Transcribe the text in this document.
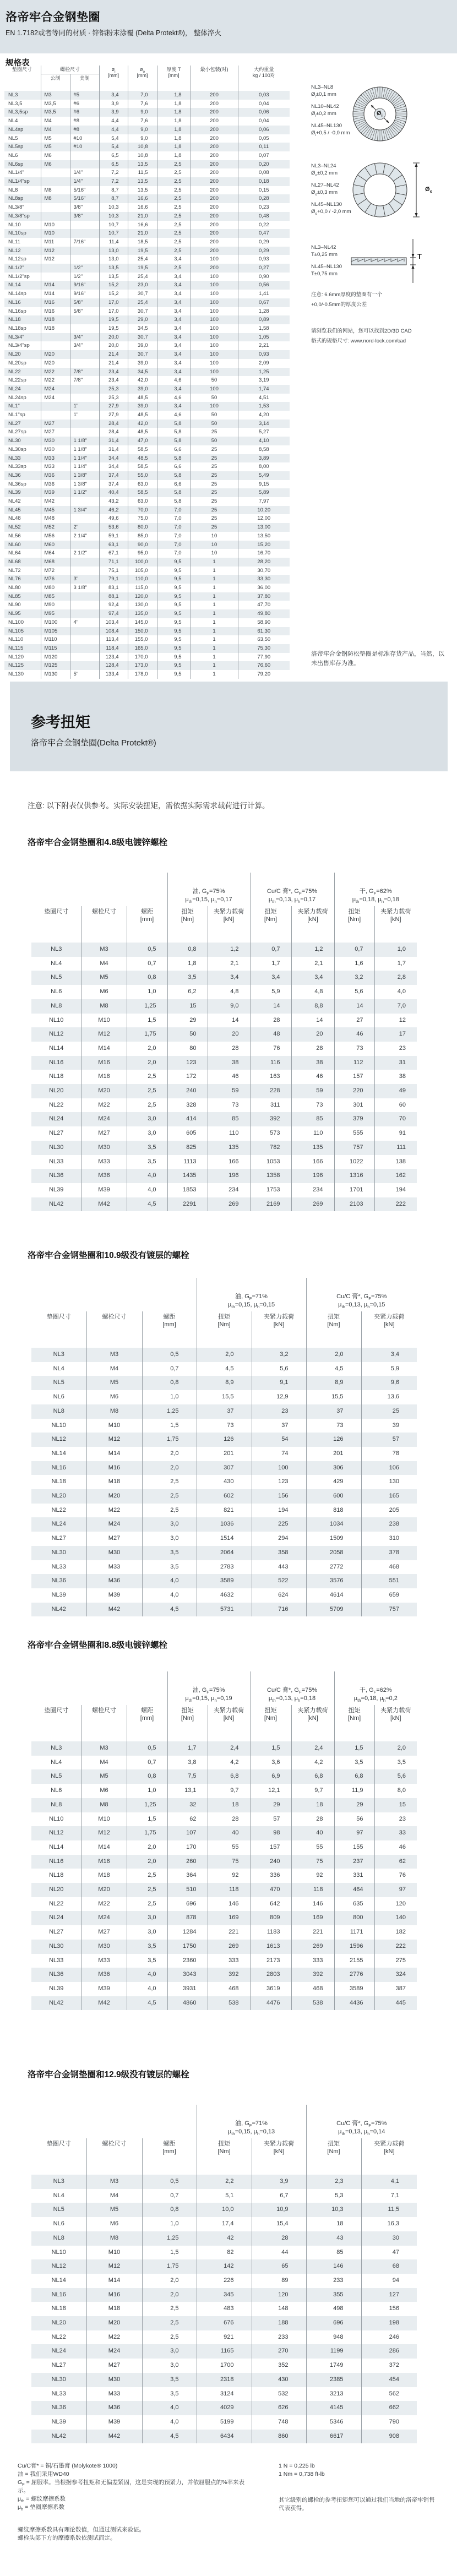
洛帝牢合金钢垫圈

EN 1.7182或者等同的材质 · 锌铝粉末涂覆 (Delta Protekt®)， 整体淬火

规格表
垫圈尺寸	螺栓尺寸		$ø_i$
[mm]	$ø_o$
[mm]	厚度 T
[mm]	最小包装(对)	大约重量
kg / 100对
	公制	美制					
NL3	M3	#5	3,4	7,0	1,8	200	0,03
NL3,5	M3,5	#6	3,9	7,6	1,8	200	0,04
NL3,5sp	M3,5	#6	3,9	9,0	1,8	200	0,06
NL4	M4	#8	4,4	7,6	1,8	200	0,04
NL4sp	M4	#8	4,4	9,0	1,8	200	0,06
NL5	M5	#10	5,4	9,0	1,8	200	0,05
NL5sp	M5	#10	5,4	10,8	1,8	200	0,11
NL6	M6		6,5	10,8	1,8	200	0,07
NL6sp	M6		6,5	13,5	2,5	200	0,20
NL1/4"		1/4"	7,2	11,5	2,5	200	0,08
NL1/4"sp		1/4"	7,2	13,5	2,5	200	0,18
NL8	M8	5/16"	8,7	13,5	2,5	200	0,15
NL8sp	M8	5/16"	8,7	16,6	2,5	200	0,28
NL3/8"		3/8"	10,3	16,6	2,5	200	0,23
NL3/8"sp		3/8"	10,3	21,0	2,5	200	0,48
NL10	M10		10,7	16,6	2,5	200	0,22
NL10sp	M10		10,7	21,0	2,5	200	0,47
NL11	M11	7/16"	11,4	18,5	2,5	200	0,29
NL12	M12		13,0	19,5	2,5	200	0,29
NL12sp	M12		13,0	25,4	3,4	100	0,93
NL1/2"		1/2"	13,5	19,5	2,5	200	0,27
NL1/2"sp		1/2"	13,5	25,4	3,4	100	0,90
NL14	M14	9/16"	15,2	23,0	3,4	100	0,56
NL14sp	M14	9/16"	15,2	30,7	3,4	100	1,41
NL16	M16	5/8"	17,0	25,4	3,4	100	0,67
NL16sp	M16	5/8"	17,0	30,7	3,4	100	1,28
NL18	M18		19,5	29,0	3,4	100	0,89
NL18sp	M18		19,5	34,5	3,4	100	1,58
NL3/4"		3/4"	20,0	30,7	3,4	100	1,05
NL3/4"sp		3/4"	20,0	39,0	3,4	100	2,21
NL20	M20		21,4	30,7	3,4	100	0,93
NL20sp	M20		21,4	39,0	3,4	100	2,09
NL22	M22	7/8"	23,4	34,5	3,4	100	1,25
NL22sp	M22	7/8"	23,4	42,0	4,6	50	3,19
NL24	M24		25,3	39,0	3,4	100	1,74
NL24sp	M24		25,3	48,5	4,6	50	4,51
NL1"		1"	27,9	39,0	3,4	100	1,53
NL1"sp		1"	27,9	48,5	4,6	50	4,20
NL27	M27		28,4	42,0	5,8	50	3,14
NL27sp	M27		28,4	48,5	5,8	25	5,27
NL30	M30	1 1/8"	31,4	47,0	5,8	50	4,10
NL30sp	M30	1 1/8"	31,4	58,5	6,6	25	8,58
NL33	M33	1 1/4"	34,4	48,5	5,8	25	3,89
NL33sp	M33	1 1/4"	34,4	58,5	6,6	25	8,00
NL36	M36	1 3/8"	37,4	55,0	5,8	25	5,49
NL36sp	M36	1 3/8"	37,4	63,0	6,6	25	9,15
NL39	M39	1 1/2"	40,4	58,5	5,8	25	5,89
NL42	M42		43,2	63,0	5,8	25	7,97
NL45	M45	1 3/4"	46,2	70,0	7,0	25	10,20
NL48	M48		49,6	75,0	7,0	25	12,00
NL52	M52	2"	53,6	80,0	7,0	25	13,00
NL56	M56	2 1/4"	59,1	85,0	7,0	10	13,50
NL60	M60		63,1	90,0	7,0	10	15,20
NL64	M64	2 1/2"	67,1	95,0	7,0	10	16,70
NL68	M68		71,1	100,0	9,5	1	28,20
NL72	M72		75,1	105,0	9,5	1	30,70
NL76	M76	3"	79,1	110,0	9,5	1	33,30
NL80	M80	3 1/8"	83,1	115,0	9,5	1	36,00
NL85	M85		88,1	120,0	9,5	1	37,80
NL90	M90		92,4	130,0	9,5	1	47,70
NL95	M95		97,4	135,0	9,5	1	49,80
NL100	M100	4"	103,4	145,0	9,5	1	58,90
NL105	M105		108,4	150,0	9,5	1	61,30
NL110	M110		113,4	155,0	9,5	1	63,50
NL115	M115		118,4	165,0	9,5	1	75,30
NL120	M120		123,4	170,0	9,5	1	77,90
NL125	M125		128,4	173,0	9,5	1	76,60
NL130	M130	5"	133,4	178,0	9,5	1	79,20
NL3–NL8
$Ø_i\pm 0,1$ mm
NL10–NL42
$Ø_i\pm 0,2$ mm
NL45–NL130
$Ø_i+0,5 / -0,0$ mm
$Ø_i$
NL3–NL24
$Ø_o\pm 0,2$ mm
NL27–NL42
$Ø_o\pm 0,3$ mm
NL45–NL130
$Ø_o+0,0 / -2,0$ mm
$Ø_o$
NL3–NL42
T±0,25 mm
NL45–NL130
T±0,75 mm
T
注意: 6.6mm厚度的垫圈有一个
+0,0/-0.5mm的厚度公差
请浏览我们的网站，您可以找到2D/3D CAD
格式的规格尺寸: www.nord-lock.com/cad
洛帝牢合金钢防松垫圈是标准存货产品，当然，以未出售库存为准。
参考扭矩

洛帝牢合金钢垫圈(Delta Protekt®)

注意: 以下附表仅供参考。实际安装扭矩，需依据实际需求载荷进行计算。
洛帝牢合金钢垫圈和4.8级电镀锌螺栓
			油, $G_F=75\%$
$\mu_{th}=0,15$, $\mu_h=0,17$		Cu/C 膏*, $G_F=75\%$
$\mu_{th}=0,13$, $\mu_h=0,17$		干, $G_F=62\%$
$\mu_{th}=0,18$, $\mu_h=0,18$	
垫圈尺寸	螺栓尺寸	螺距
[mm]	扭矩
[Nm]	夹紧力载荷
[kN]	扭矩
[Nm]	夹紧力载荷
[kN]	扭矩
[Nm]	夹紧力载荷
[kN]
NL3	M3	0,5	0,8	1,2	0,7	1,2	0,7	1,0
NL4	M4	0,7	1,8	2,1	1,7	2,1	1,6	1,7
NL5	M5	0,8	3,5	3,4	3,4	3,4	3,2	2,8
NL6	M6	1,0	6,2	4,8	5,9	4,8	5,6	4,0
NL8	M8	1,25	15	9,0	14	8,8	14	7,0
NL10	M10	1,5	29	14	28	14	27	12
NL12	M12	1,75	50	20	48	20	46	17
NL14	M14	2,0	80	28	76	28	73	23
NL16	M16	2,0	123	38	116	38	112	31
NL18	M18	2,5	172	46	163	46	157	38
NL20	M20	2,5	240	59	228	59	220	49
NL22	M22	2,5	328	73	311	73	301	60
NL24	M24	3,0	414	85	392	85	379	70
NL27	M27	3,0	605	110	573	110	555	91
NL30	M30	3,5	825	135	782	135	757	111
NL33	M33	3,5	1113	166	1053	166	1022	138
NL36	M36	4,0	1435	196	1358	196	1316	162
NL39	M39	4,0	1853	234	1753	234	1701	194
NL42	M42	4,5	2291	269	2169	269	2103	222
洛帝牢合金钢垫圈和10.9级没有镀层的螺栓
			油, $G_F=71\%$
$\mu_{th}=0,15$, $\mu_h=0,15$		Cu/C 膏*, $G_F=75\%$
$\mu_{th}=0,13$, $\mu_h=0,15$	
垫圈尺寸	螺栓尺寸	螺距
[mm]	扭矩
[Nm]	夹紧力载荷
[kN]	扭矩
[Nm]	夹紧力载荷
[kN]
NL3	M3	0,5	2,0	3,2	2,0	3,4
NL4	M4	0,7	4,5	5,6	4,5	5,9
NL5	M5	0,8	8,9	9,1	8,9	9,6
NL6	M6	1,0	15,5	12,9	15,5	13,6
NL8	M8	1,25	37	23	37	25
NL10	M10	1,5	73	37	73	39
NL12	M12	1,75	126	54	126	57
NL14	M14	2,0	201	74	201	78
NL16	M16	2,0	307	100	306	106
NL18	M18	2,5	430	123	429	130
NL20	M20	2,5	602	156	600	165
NL22	M22	2,5	821	194	818	205
NL24	M24	3,0	1036	225	1034	238
NL27	M27	3,0	1514	294	1509	310
NL30	M30	3,5	2064	358	2058	378
NL33	M33	3,5	2783	443	2772	468
NL36	M36	4,0	3589	522	3576	551
NL39	M39	4,0	4632	624	4614	659
NL42	M42	4,5	5731	716	5709	757
洛帝牢合金钢垫圈和8.8级电镀锌螺栓
			油, $G_F=75\%$
$\mu_{th}=0,15$, $\mu_h=0,19$		Cu/C 膏*, $G_F=75\%$
$\mu_{th}=0,13$, $\mu_h=0,18$		干, $G_F=62\%$
$\mu_{th}=0,18$, $\mu_h=0,2$	
垫圈尺寸	螺栓尺寸	螺距
[mm]	扭矩
[Nm]	夹紧力载荷
[kN]	扭矩
[Nm]	夹紧力载荷
[kN]	扭矩
[Nm]	夹紧力载荷
[kN]
NL3	M3	0,5	1,7	2,4	1,5	2,4	1,5	2,0
NL4	M4	0,7	3,8	4,2	3,6	4,2	3,5	3,5
NL5	M5	0,8	7,5	6,8	6,9	6,8	6,8	5,6
NL6	M6	1,0	13,1	9,7	12,1	9,7	11,9	8,0
NL8	M8	1,25	32	18	29	18	29	15
NL10	M10	1,5	62	28	57	28	56	23
NL12	M12	1,75	107	40	98	40	97	33
NL14	M14	2,0	170	55	157	55	155	46
NL16	M16	2,0	260	75	240	75	237	62
NL18	M18	2,5	364	92	336	92	331	76
NL20	M20	2,5	510	118	470	118	464	97
NL22	M22	2,5	696	146	642	146	635	120
NL24	M24	3,0	878	169	809	169	800	140
NL27	M27	3,0	1284	221	1183	221	1171	182
NL30	M30	3,5	1750	269	1613	269	1596	222
NL33	M33	3,5	2360	333	2173	333	2155	275
NL36	M36	4,0	3043	392	2803	392	2776	324
NL39	M39	4,0	3931	468	3619	468	3589	387
NL42	M42	4,5	4860	538	4476	538	4436	445
洛帝牢合金钢垫圈和12.9级没有镀层的螺栓
			油, $G_F=71\%$
$\mu_{th}=0,15$, $\mu_h=0,13$		Cu/C 膏*, $G_F=75\%$
$\mu_{th}=0,13$, $\mu_h=0,14$	
垫圈尺寸	螺栓尺寸	螺距
[mm]	扭矩
[Nm]	夹紧力载荷
[kN]	扭矩
[Nm]	夹紧力载荷
[kN]
NL3	M3	0,5	2,2	3,9	2,3	4,1
NL4	M4	0,7	5,1	6,7	5,3	7,1
NL5	M5	0,8	10,0	10,9	10,3	11,5
NL6	M6	1,0	17,4	15,4	18	16,3
NL8	M8	1,25	42	28	43	30
NL10	M10	1,5	82	44	85	47
NL12	M12	1,75	142	65	146	68
NL14	M14	2,0	226	89	233	94
NL16	M16	2,0	345	120	355	127
NL18	M18	2,5	483	148	498	156
NL20	M20	2,5	676	188	696	198
NL22	M22	2,5	921	233	948	246
NL24	M24	3,0	1165	270	1199	286
NL27	M27	3,0	1700	352	1749	372
NL30	M30	3,5	2318	430	2385	454
NL33	M33	3,5	3124	532	3213	562
NL36	M36	4,0	4029	626	4145	662
NL39	M39	4,0	5199	748	5346	790
NL42	M42	4,5	6434	860	6617	908
Cu/C膏* = 铜/石墨膏 (Molykote® 1000)
油 = 我们采用WD40
$G_F$ = 屈服率。当根据参考扭矩和无偏差紧固，这是实现的预紧力，并依屈服点的%率来表示。
$\mu_{th}$ = 螺纹摩擦系数
$\mu_h$ = 垫圈摩擦系数
螺纹摩擦系数具有理论数值，但通过测试来验证。
螺栓头部下方的摩擦系数依测试而定。
1 N = 0,225 lb
1 Nm = 0,738 ft-lb
其它级别的螺栓的参考扭矩您可以通过我们当地的洛帝牢销售代表获得。
